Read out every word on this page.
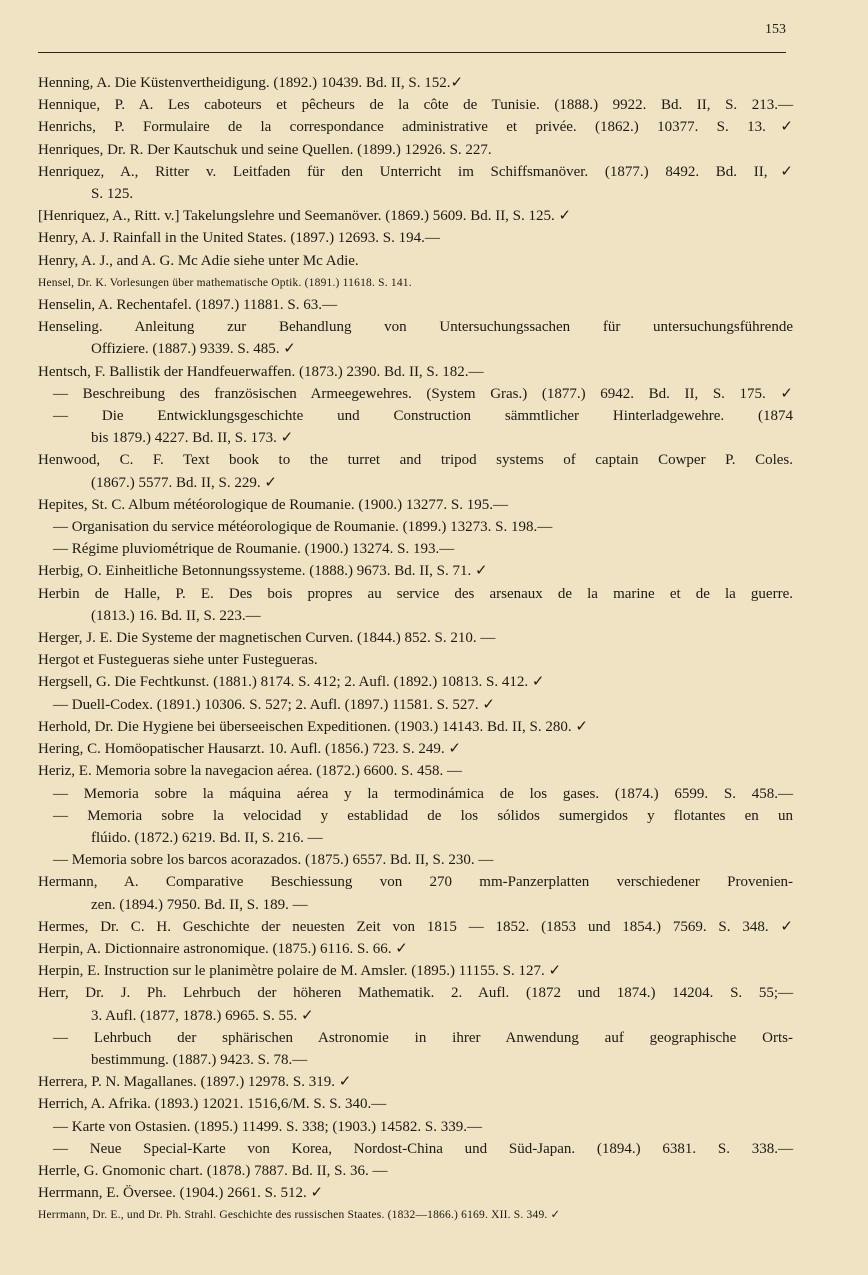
153
Henning, A. Die Küstenvertheidigung. (1892.) 10439. Bd. II, S. 152.✓
Hennique, P. A. Les caboteurs et pêcheurs de la côte de Tunisie. (1888.) 9922. Bd. II, S. 213.—
Henrichs, P. Formulaire de la correspondance administrative et privée. (1862.) 10377. S. 13.✓
Henriques, Dr. R. Der Kautschuk und seine Quellen. (1899.) 12926. S. 227.
Henriquez, A., Ritter v. Leitfaden für den Unterricht im Schiffsmanöver. (1877.) 8492. Bd. II,✓
S. 125.
[Henriquez, A., Ritt. v.] Takelungslehre und Seemanöver. (1869.) 5609. Bd. II, S. 125. ✓
Henry, A. J. Rainfall in the United States. (1897.) 12693. S. 194.—
Henry, A. J., and A. G. Mc Adie siehe unter Mc Adie.
Hensel, Dr. K. Vorlesungen über mathematische Optik. (1891.) 11618. S. 141.
Henselin, A. Rechentafel. (1897.) 11881. S. 63.—
Henseling. Anleitung zur Behandlung von Untersuchungssachen für untersuchungsführende
Offiziere. (1887.) 9339. S. 485. ✓
Hentsch, F. Ballistik der Handfeuerwaffen. (1873.) 2390. Bd. II, S. 182.—
— Beschreibung des französischen Armeegewehres. (System Gras.) (1877.) 6942. Bd. II, S. 175. ✓
— Die Entwicklungsgeschichte und Construction sämmtlicher Hinterladgewehre. (1874
bis 1879.) 4227. Bd. II, S. 173. ✓
Henwood, C. F. Text book to the turret and tripod systems of captain Cowper P. Coles.
(1867.) 5577. Bd. II, S. 229. ✓
Hepites, St. C. Album météorologique de Roumanie. (1900.) 13277. S. 195.—
— Organisation du service météorologique de Roumanie. (1899.) 13273. S. 198.—
— Régime pluviométrique de Roumanie. (1900.) 13274. S. 193.—
Herbig, O. Einheitliche Betonnungssysteme. (1888.) 9673. Bd. II, S. 71. ✓
Herbin de Halle, P. E. Des bois propres au service des arsenaux de la marine et de la guerre.
(1813.) 16. Bd. II, S. 223.—
Herger, J. E. Die Systeme der magnetischen Curven. (1844.) 852. S. 210. —
Hergot et Fustegueras siehe unter Fustegueras.
Hergsell, G. Die Fechtkunst. (1881.) 8174. S. 412; 2. Aufl. (1892.) 10813. S. 412. ✓
— Duell-Codex. (1891.) 10306. S. 527; 2. Aufl. (1897.) 11581. S. 527. ✓
Herhold, Dr. Die Hygiene bei überseeischen Expeditionen. (1903.) 14143. Bd. II, S. 280. ✓
Hering, C. Homöopatischer Hausarzt. 10. Aufl. (1856.) 723. S. 249. ✓
Heriz, E. Memoria sobre la navegacion aérea. (1872.) 6600. S. 458. —
— Memoria sobre la máquina aérea y la termodinámica de los gases. (1874.) 6599. S. 458.—
— Memoria sobre la velocidad y establidad de los sólidos sumergidos y flotantes en un
flúido. (1872.) 6219. Bd. II, S. 216. —
— Memoria sobre los barcos acorazados. (1875.) 6557. Bd. II, S. 230. —
Hermann, A. Comparative Beschiessung von 270 mm-Panzerplatten verschiedener Provenien-
zen. (1894.) 7950. Bd. II, S. 189. —
Hermes, Dr. C. H. Geschichte der neuesten Zeit von 1815 — 1852. (1853 und 1854.) 7569. S. 348. ✓
Herpin, A. Dictionnaire astronomique. (1875.) 6116. S. 66. ✓
Herpin, E. Instruction sur le planimètre polaire de M. Amsler. (1895.) 11155. S. 127. ✓
Herr, Dr. J. Ph. Lehrbuch der höheren Mathematik. 2. Aufl. (1872 und 1874.) 14204. S. 55;—
3. Aufl. (1877, 1878.) 6965. S. 55. ✓
— Lehrbuch der sphärischen Astronomie in ihrer Anwendung auf geographische Orts-
bestimmung. (1887.) 9423. S. 78.—
Herrera, P. N. Magallanes. (1897.) 12978. S. 319. ✓
Herrich, A. Afrika. (1893.) 12021. 1516,6/M. S. S. 340.—
— Karte von Ostasien. (1895.) 11499. S. 338; (1903.) 14582. S. 339.—
— Neue Special-Karte von Korea, Nordost-China und Süd-Japan. (1894.) 6381. S. 338.—
Herrle, G. Gnomonic chart. (1878.) 7887. Bd. II, S. 36. —
Herrmann, E. Översee. (1904.) 2661. S. 512. ✓
Herrmann, Dr. E., und Dr. Ph. Strahl. Geschichte des russischen Staates. (1832—1866.) 6169. XII. S. 349. ✓
